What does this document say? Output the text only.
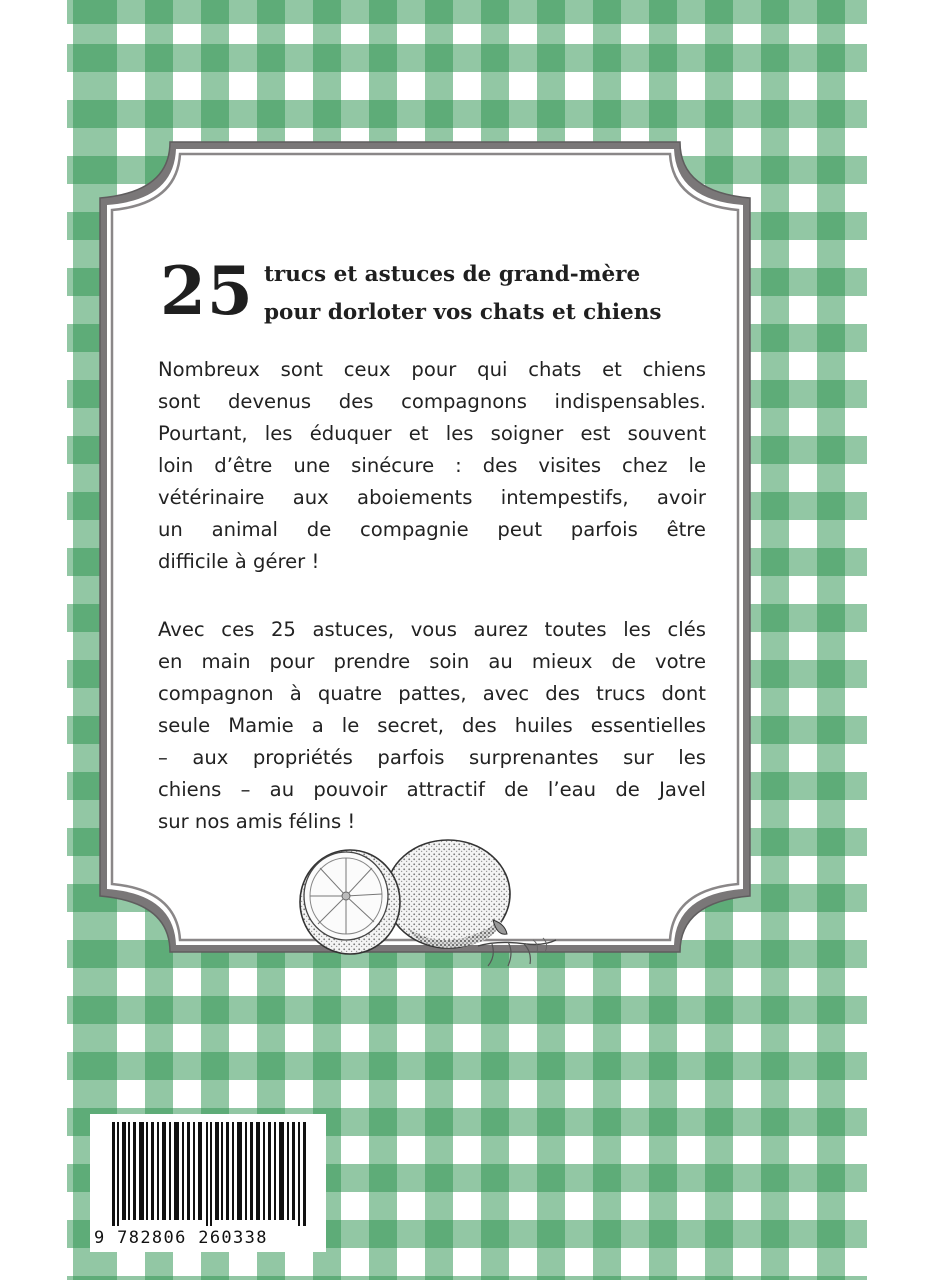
25 trucs et astuces de grand-mère
pour dorloter vos chats et chiens
Nombreux sont ceux pour qui chats et chiens
sont devenus des compagnons indispensables.
Pourtant, les éduquer et les soigner est souvent
loin d’être une sinécure : des visites chez le
vétérinaire aux aboiements intempestifs, avoir
un animal de compagnie peut parfois être
difficile à gérer !
Avec ces 25 astuces, vous aurez toutes les clés
en main pour prendre soin au mieux de votre
compagnon à quatre pattes, avec des trucs dont
seule Mamie a le secret, des huiles essentielles
– aux propriétés parfois surprenantes sur les
chiens – au pouvoir attractif de l’eau de Javel
sur nos amis félins !
9 782806 260338
